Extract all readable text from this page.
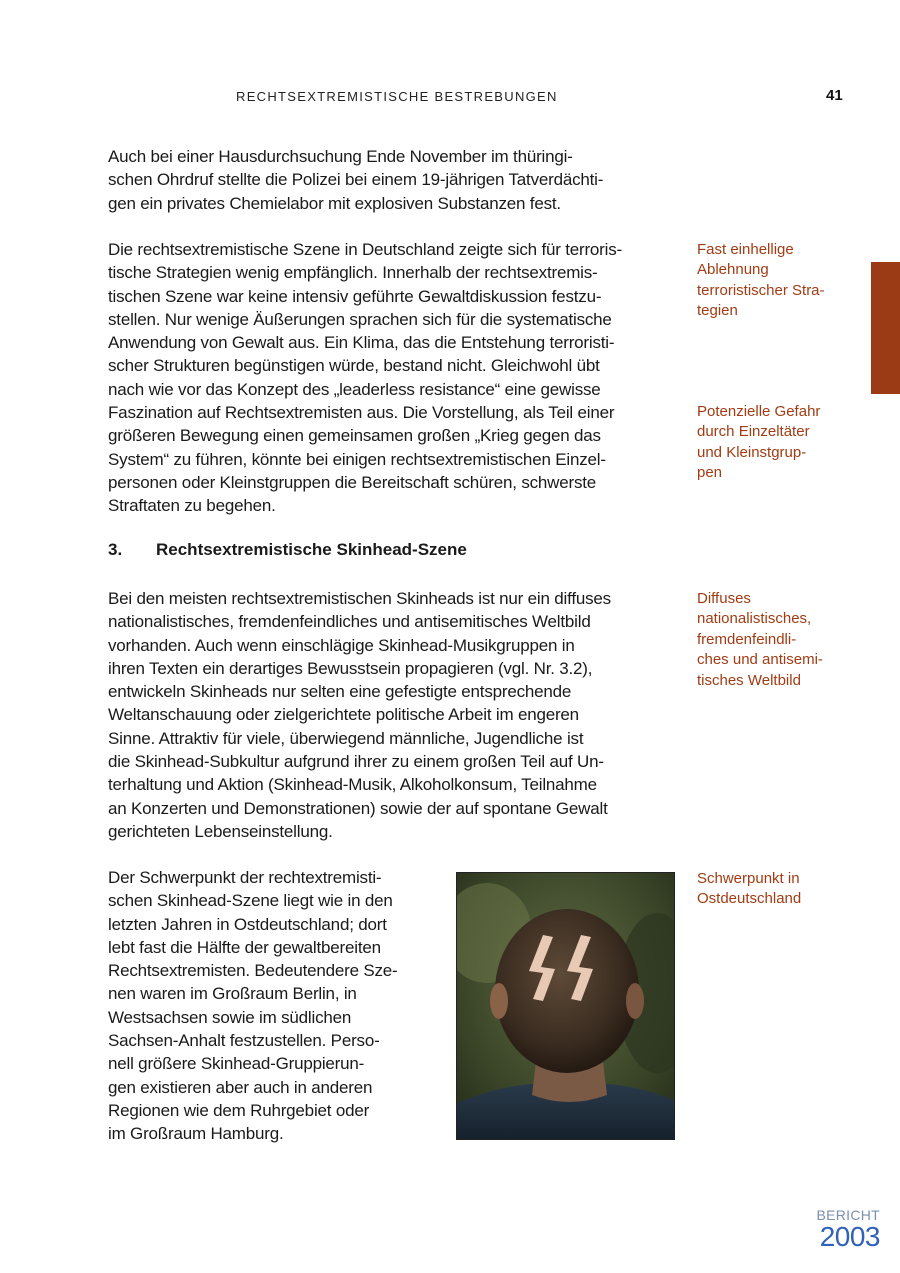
RECHTSEXTREMISTISCHE BESTREBUNGEN	41
Auch bei einer Hausdurchsuchung Ende November im thüringi-
schen Ohrdruf stellte die Polizei bei einem 19-jährigen Tatverdächti-
gen ein privates Chemielabor mit explosiven Substanzen fest.
Die rechtsextremistische Szene in Deutschland zeigte sich für terroris-
tische Strategien wenig empfänglich. Innerhalb der rechtsextremis-
tischen Szene war keine intensiv geführte Gewaltdiskussion festzu-
stellen. Nur wenige Äußerungen sprachen sich für die systematische
Anwendung von Gewalt aus. Ein Klima, das die Entstehung terroristi-
scher Strukturen begünstigen würde, bestand nicht. Gleichwohl übt
nach wie vor das Konzept des „leaderless resistance“ eine gewisse
Faszination auf Rechtsextremisten aus. Die Vorstellung, als Teil einer
größeren Bewegung einen gemeinsamen großen „Krieg gegen das
System“ zu führen, könnte bei einigen rechtsextremistischen Einzel-
personen oder Kleinstgruppen die Bereitschaft schüren, schwerste
Straftaten zu begehen.
3. Rechtsextremistische Skinhead-Szene
Bei den meisten rechtsextremistischen Skinheads ist nur ein diffuses
nationalistisches, fremdenfeindliches und antisemitisches Weltbild
vorhanden. Auch wenn einschlägige Skinhead-Musikgruppen in
ihren Texten ein derartiges Bewusstsein propagieren (vgl. Nr. 3.2),
entwickeln Skinheads nur selten eine gefestigte entsprechende
Weltanschauung oder zielgerichtete politische Arbeit im engeren
Sinne. Attraktiv für viele, überwiegend männliche, Jugendliche ist
die Skinhead-Subkultur aufgrund ihrer zu einem großen Teil auf Un-
terhaltung und Aktion (Skinhead-Musik, Alkoholkonsum, Teilnahme
an Konzerten und Demonstrationen) sowie der auf spontane Gewalt
gerichteten Lebenseinstellung.
Der Schwerpunkt der rechtextremisti-
schen Skinhead-Szene liegt wie in den
letzten Jahren in Ostdeutschland; dort
lebt fast die Hälfte der gewaltbereiten
Rechtsextremisten. Bedeutendere Sze-
nen waren im Großraum Berlin, in
Westsachsen sowie im südlichen
Sachsen-Anhalt festzustellen. Perso-
nell größere Skinhead-Gruppierun-
gen existieren aber auch in anderen
Regionen wie dem Ruhrgebiet oder
im Großraum Hamburg.
Fast einhellige
Ablehnung
terroristischer Stra-
tegien
Potenzielle Gefahr
durch Einzeltäter
und Kleinstgrup-
pen
Diffuses
nationalistisches,
fremdenfeindli-
ches und antisemi-
tisches Weltbild
Schwerpunkt in
Ostdeutschland
BERICHT
2003
